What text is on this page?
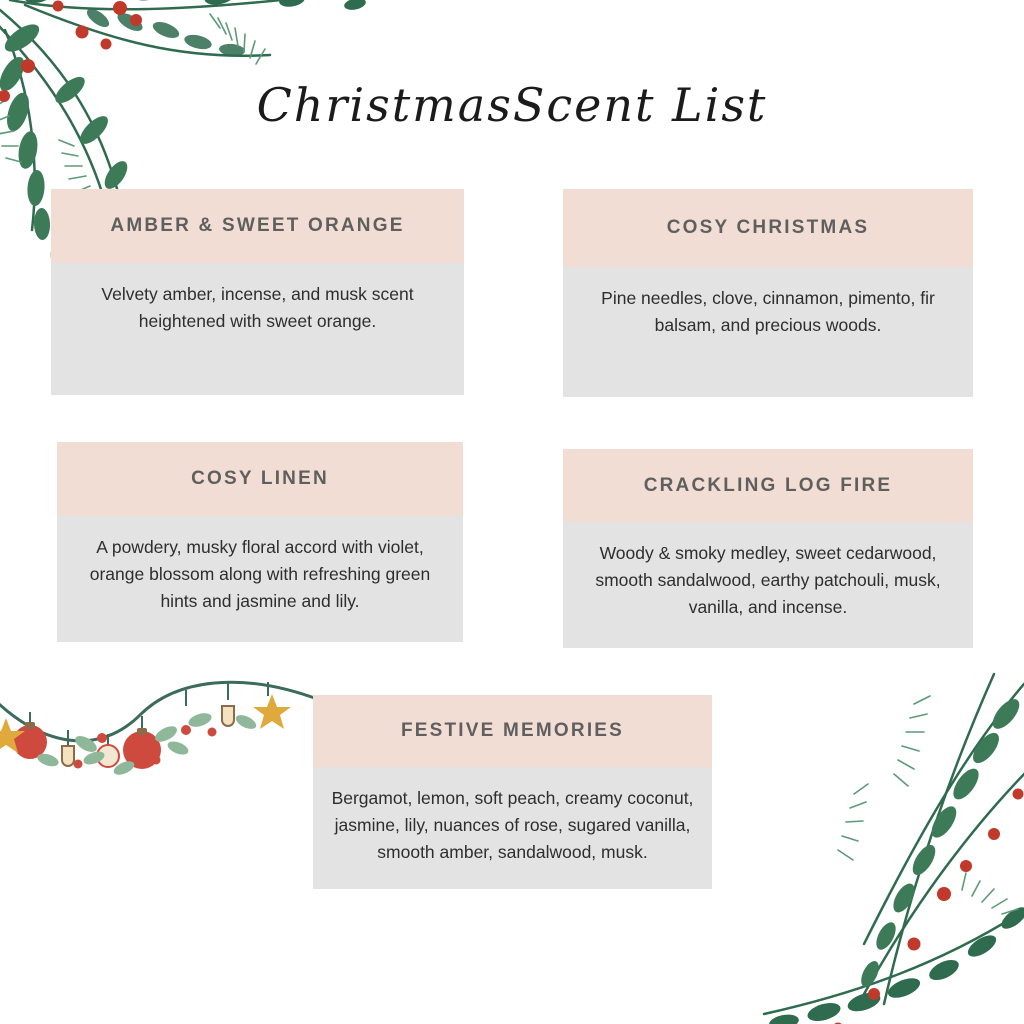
ChristmasScent List
AMBER & SWEET ORANGE
Velvety amber, incense, and musk scent heightened with sweet orange.
COSY CHRISTMAS
Pine needles, clove, cinnamon, pimento, fir balsam, and precious woods.
COSY LINEN
A powdery, musky floral accord with violet, orange blossom along with refreshing green hints and jasmine and lily.
CRACKLING LOG FIRE
Woody & smoky medley, sweet cedarwood, smooth sandalwood, earthy patchouli, musk, vanilla, and incense.
FESTIVE MEMORIES
Bergamot, lemon, soft peach, creamy coconut, jasmine, lily, nuances of rose, sugared vanilla, smooth amber, sandalwood, musk.
